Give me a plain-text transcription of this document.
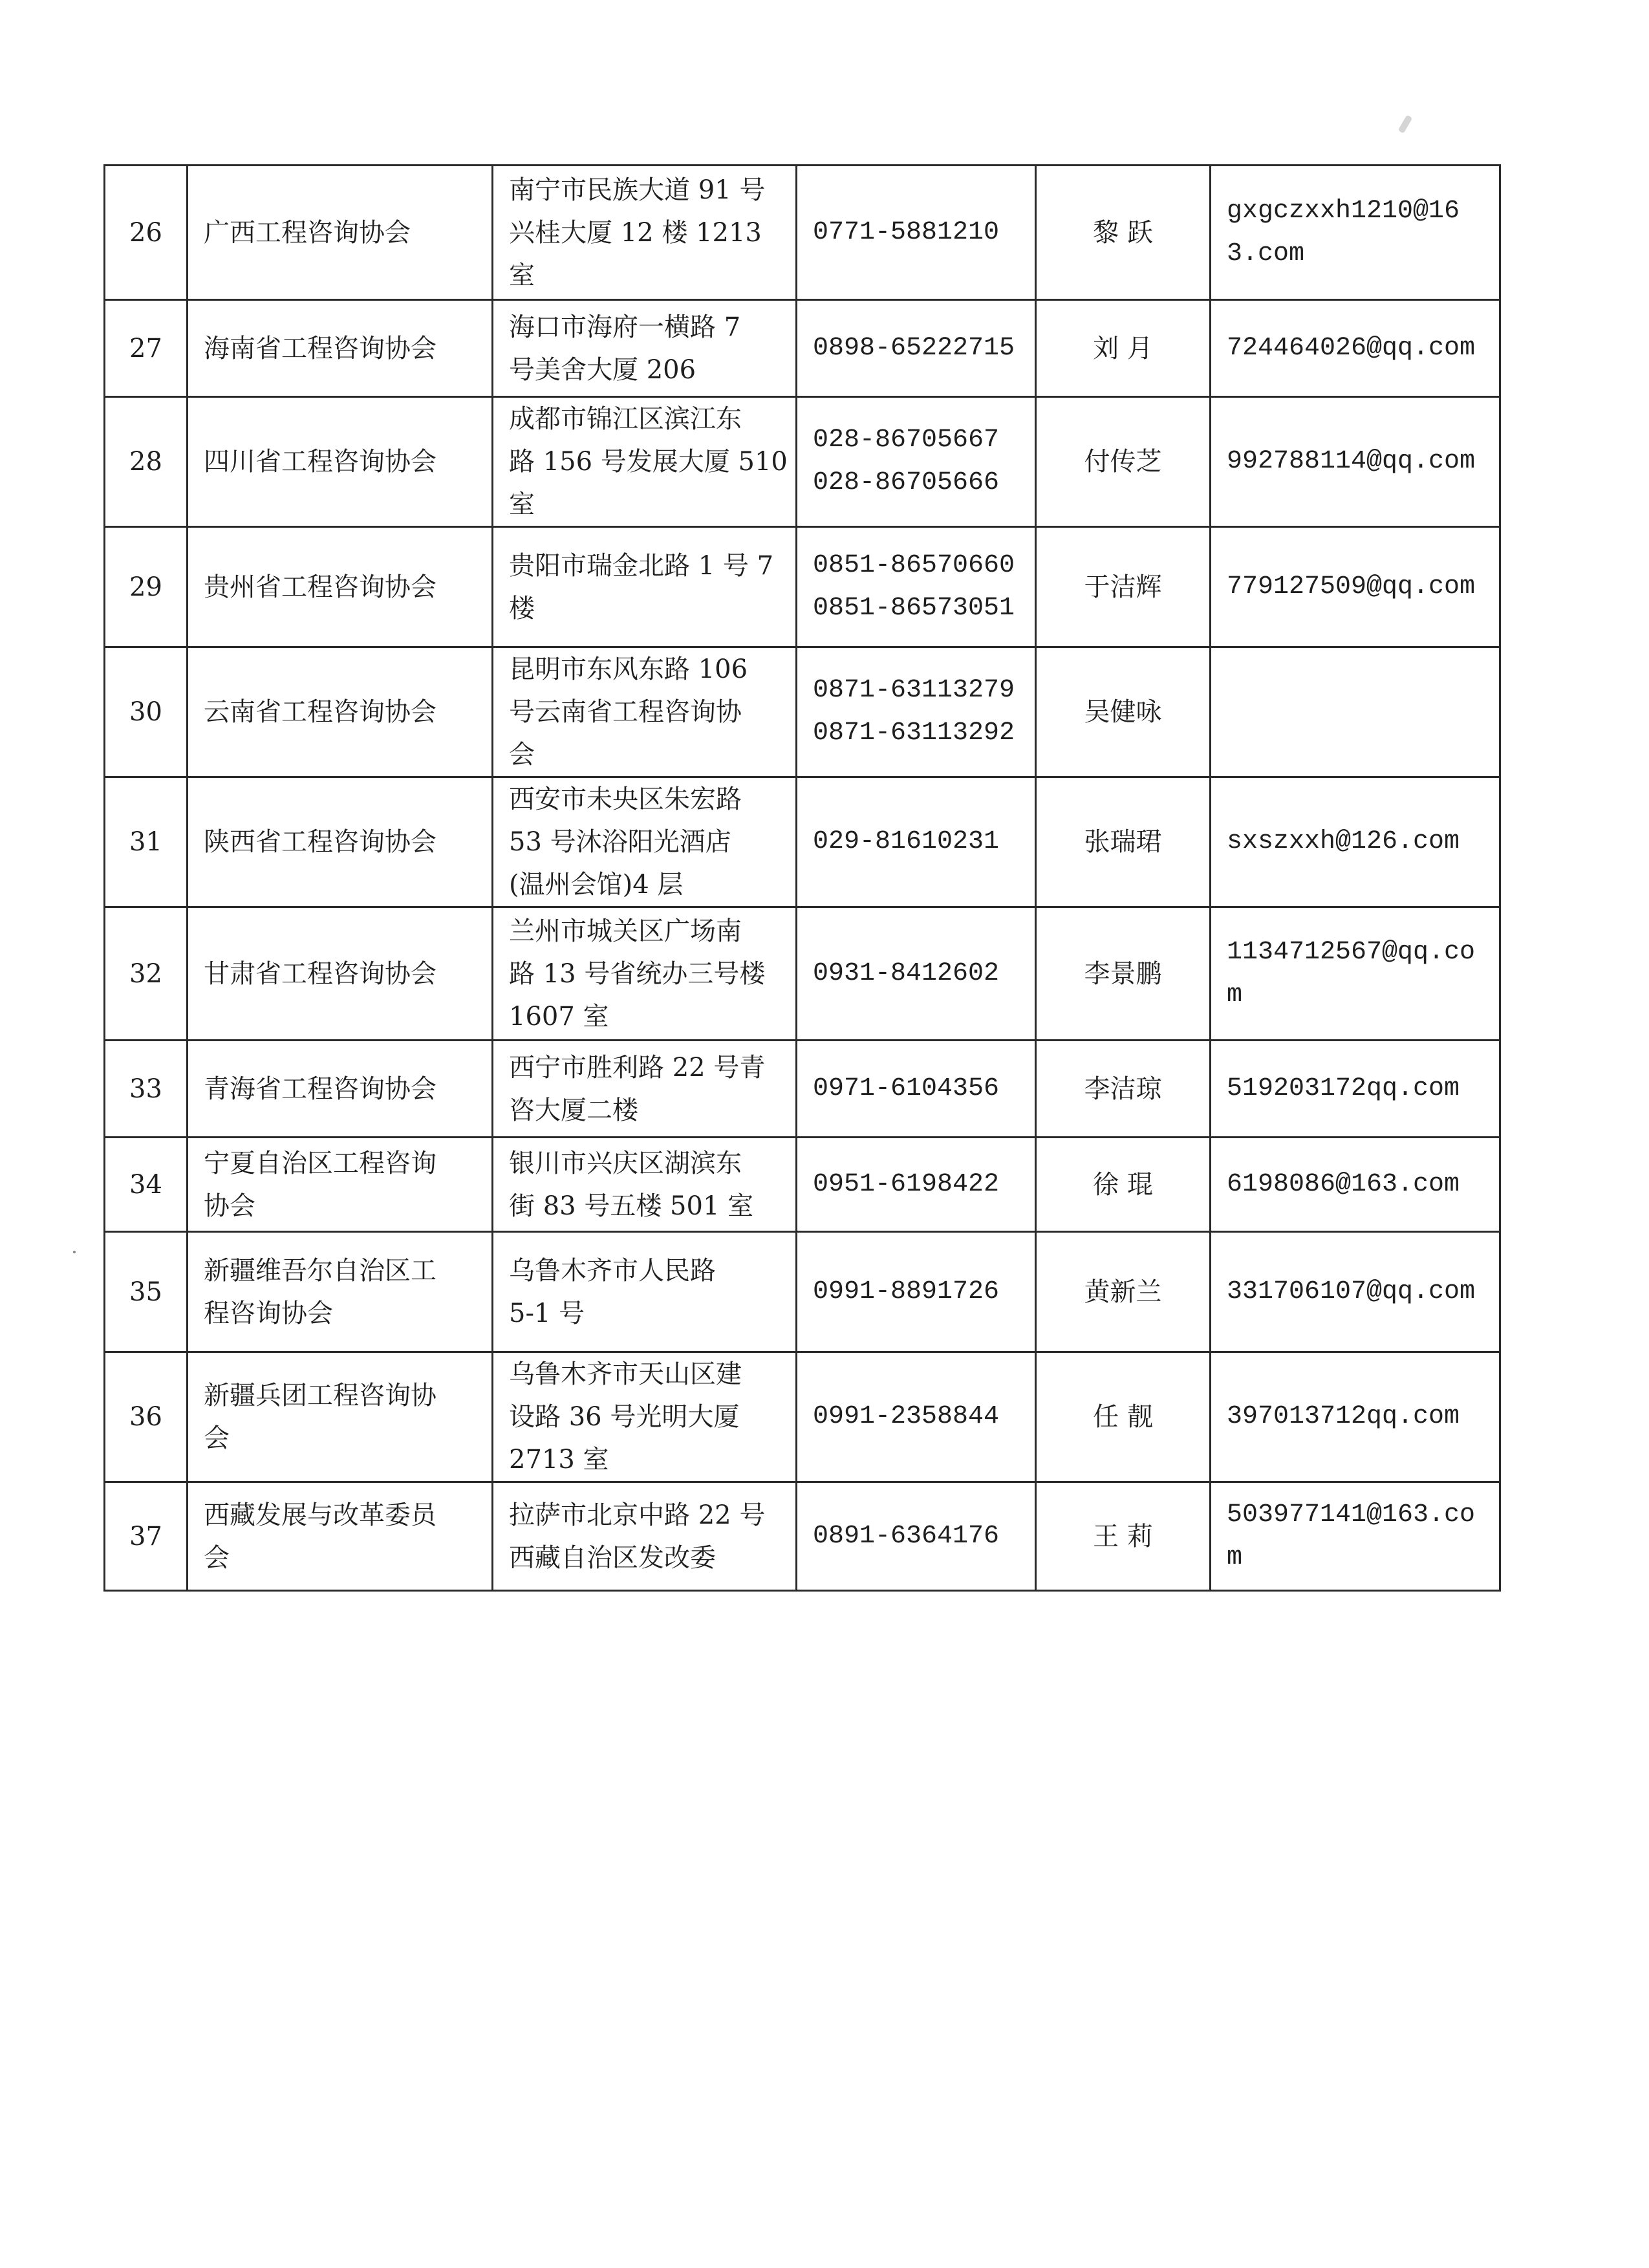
26	广西工程咨询协会	南宁市民族大道 91 号
兴桂大厦 12 楼 1213
室	0771-5881210	黎 跃	gxgczxxh1210@163.com
27	海南省工程咨询协会	海口市海府一横路 7
号美舍大厦 206	0898-65222715	刘 月	724464026@qq.com
28	四川省工程咨询协会	成都市锦江区滨江东
路 156 号发展大厦 510
室	028-86705667
028-86705666	付传芝	992788114@qq.com
29	贵州省工程咨询协会	贵阳市瑞金北路 1 号 7
楼	0851-86570660
0851-86573051	于洁辉	779127509@qq.com
30	云南省工程咨询协会	昆明市东风东路 106
号云南省工程咨询协
会	0871-63113279
0871-63113292	吴健咏	
31	陕西省工程咨询协会	西安市未央区朱宏路
53 号沐浴阳光酒店
(温州会馆)4 层	029-81610231	张瑞珺	sxszxxh@126.com
32	甘肃省工程咨询协会	兰州市城关区广场南
路 13 号省统办三号楼
1607 室	0931-8412602	李景鹏	1134712567@qq.com
33	青海省工程咨询协会	西宁市胜利路 22 号青
咨大厦二楼	0971-6104356	李洁琼	519203172qq.com
34	宁夏自治区工程咨询
协会	银川市兴庆区湖滨东
街 83 号五楼 501 室	0951-6198422	徐 琨	6198086@163.com
35	新疆维吾尔自治区工
程咨询协会	乌鲁木齐市人民路
5-1 号	0991-8891726	黄新兰	331706107@qq.com
36	新疆兵团工程咨询协
会	乌鲁木齐市天山区建
设路 36 号光明大厦
2713 室	0991-2358844	任 靓	397013712qq.com
37	西藏发展与改革委员
会	拉萨市北京中路 22 号
西藏自治区发改委	0891-6364176	王 莉	503977141@163.com
